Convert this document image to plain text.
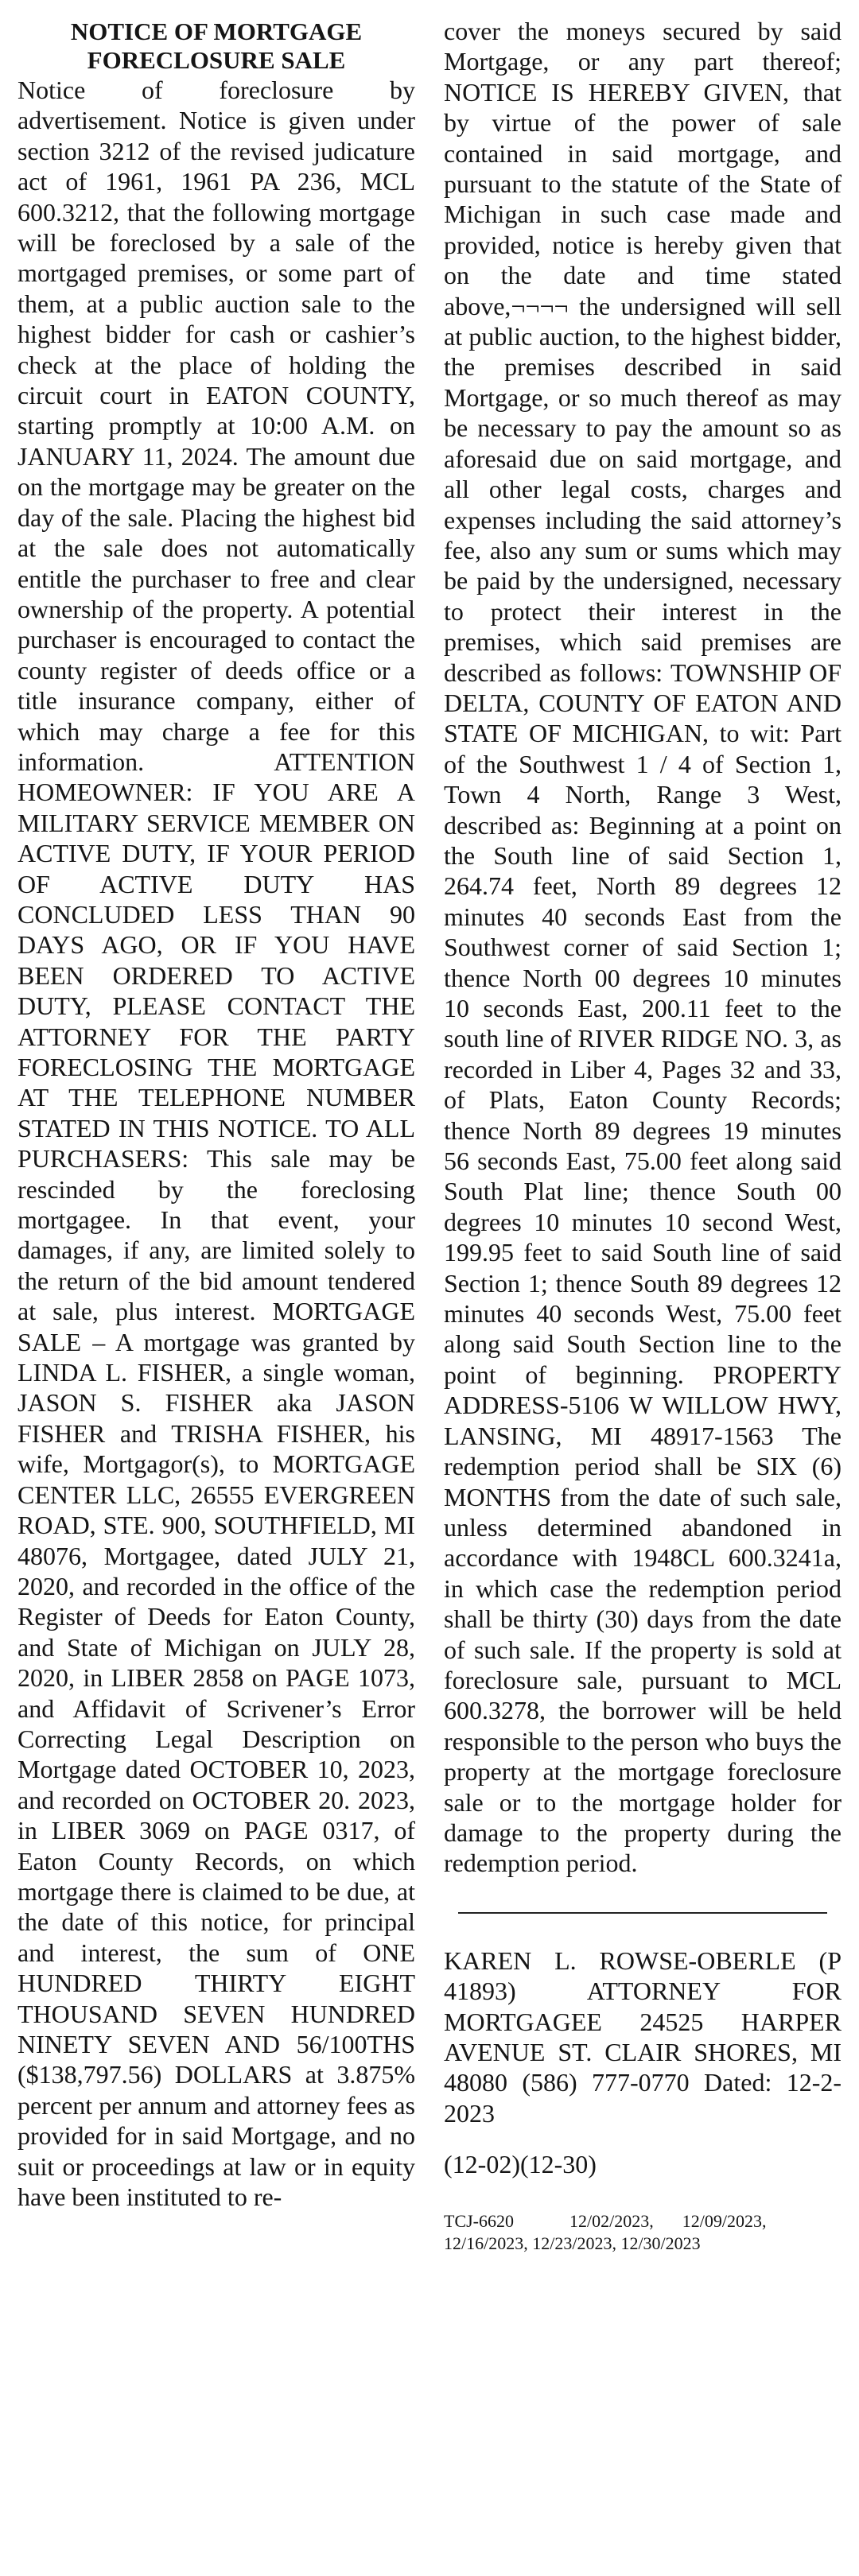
NOTICE OF MORTGAGE
FORECLOSURE SALE

Notice of foreclosure by advertisement. Notice is given under section 3212 of the revised judicature act of 1961, 1961 PA 236, MCL 600.3212, that the following mortgage will be foreclosed by a sale of the mortgaged premises, or some part of them, at a public auction sale to the highest bidder for cash or cashier’s check at the place of holding the circuit court in EATON COUNTY, starting promptly at 10:00 A.M. on JANUARY 11, 2024. The amount due on the mortgage may be greater on the day of the sale. Placing the highest bid at the sale does not automatically entitle the purchaser to free and clear ownership of the property. A potential purchaser is encouraged to contact the county register of deeds office or a title insurance company, either of which may charge a fee for this information. ATTENTION HOMEOWNER: IF YOU ARE A MILITARY SERVICE MEMBER ON ACTIVE DUTY, IF YOUR PERIOD OF ACTIVE DUTY HAS CONCLUDED LESS THAN 90 DAYS AGO, OR IF YOU HAVE BEEN ORDERED TO ACTIVE DUTY, PLEASE CONTACT THE ATTORNEY FOR THE PARTY FORECLOSING THE MORTGAGE AT THE TELEPHONE NUMBER STATED IN THIS NOTICE. TO ALL PURCHASERS: This sale may be rescinded by the foreclosing mortgagee. In that event, your damages, if any, are limited solely to the return of the bid amount tendered at sale, plus interest. MORTGAGE SALE – A mortgage was granted by LINDA L. FISHER, a single woman, JASON S. FISHER aka JASON FISHER and TRISHA FISHER, his wife, Mortgagor(s), to MORTGAGE CENTER LLC, 26555 EVERGREEN ROAD, STE. 900, SOUTHFIELD, MI 48076, Mortgagee, dated JULY 21, 2020, and recorded in the office of the Register of Deeds for Eaton County, and State of Michigan on JULY 28, 2020, in LIBER 2858 on PAGE 1073, and Affidavit of Scrivener’s Error Correcting Legal Description on Mortgage dated OCTOBER 10, 2023, and recorded on OCTOBER 20. 2023, in LIBER 3069 on PAGE 0317, of Eaton County Records, on which mortgage there is claimed to be due, at the date of this notice, for principal and interest, the sum of ONE HUNDRED THIRTY EIGHT THOUSAND SEVEN HUNDRED NINETY SEVEN AND 56/100THS ($138,797.56) DOLLARS at 3.875% percent per annum and attorney fees as provided for in said Mortgage, and no suit or proceedings at law or in equity have been instituted to re-

cover the moneys secured by said Mortgage, or any part thereof; NOTICE IS HEREBY GIVEN, that by virtue of the power of sale contained in said mortgage, and pursuant to the statute of the State of Michigan in such case made and provided, notice is hereby given that on the date and time stated above,¬¬¬¬ the undersigned will sell at public auction, to the highest bidder, the premises described in said Mortgage, or so much thereof as may be necessary to pay the amount so as aforesaid due on said mortgage, and all other legal costs, charges and expenses including the said attorney’s fee, also any sum or sums which may be paid by the undersigned, necessary to protect their interest in the premises, which said premises are described as follows: TOWNSHIP OF DELTA, COUNTY OF EATON AND STATE OF MICHIGAN, to wit: Part of the Southwest 1 / 4 of Section 1, Town 4 North, Range 3 West, described as: Beginning at a point on the South line of said Section 1, 264.74 feet, North 89 degrees 12 minutes 40 seconds East from the Southwest corner of said Section 1; thence North 00 degrees 10 minutes 10 seconds East, 200.11 feet to the south line of RIVER RIDGE NO. 3, as recorded in Liber 4, Pages 32 and 33, of Plats, Eaton County Records; thence North 89 degrees 19 minutes 56 seconds East, 75.00 feet along said South Plat line; thence South 00 degrees 10 minutes 10 second West, 199.95 feet to said South line of said Section 1; thence South 89 degrees 12 minutes 40 seconds West, 75.00 feet along said South Section line to the point of beginning. PROPERTY ADDRESS-5106 W WILLOW HWY, LANSING, MI 48917-1563 The redemption period shall be SIX (6) MONTHS from the date of such sale, unless determined abandoned in accordance with 1948CL 600.3241a, in which case the redemption period shall be thirty (30) days from the date of such sale. If the property is sold at foreclosure sale, pursuant to MCL 600.3278, the borrower will be held responsible to the person who buys the property at the mortgage foreclosure sale or to the mortgage holder for damage to the property during the redemption period.

KAREN L. ROWSE-OBERLE (P 41893) ATTORNEY FOR MORTGAGEE 24525 HARPER AVENUE ST. CLAIR SHORES, MI 48080 (586) 777-0770 Dated: 12-2-2023

(12-02)(12-30)

TCJ-6620	12/02/2023, 12/09/2023,
12/16/2023, 12/23/2023, 12/30/2023
